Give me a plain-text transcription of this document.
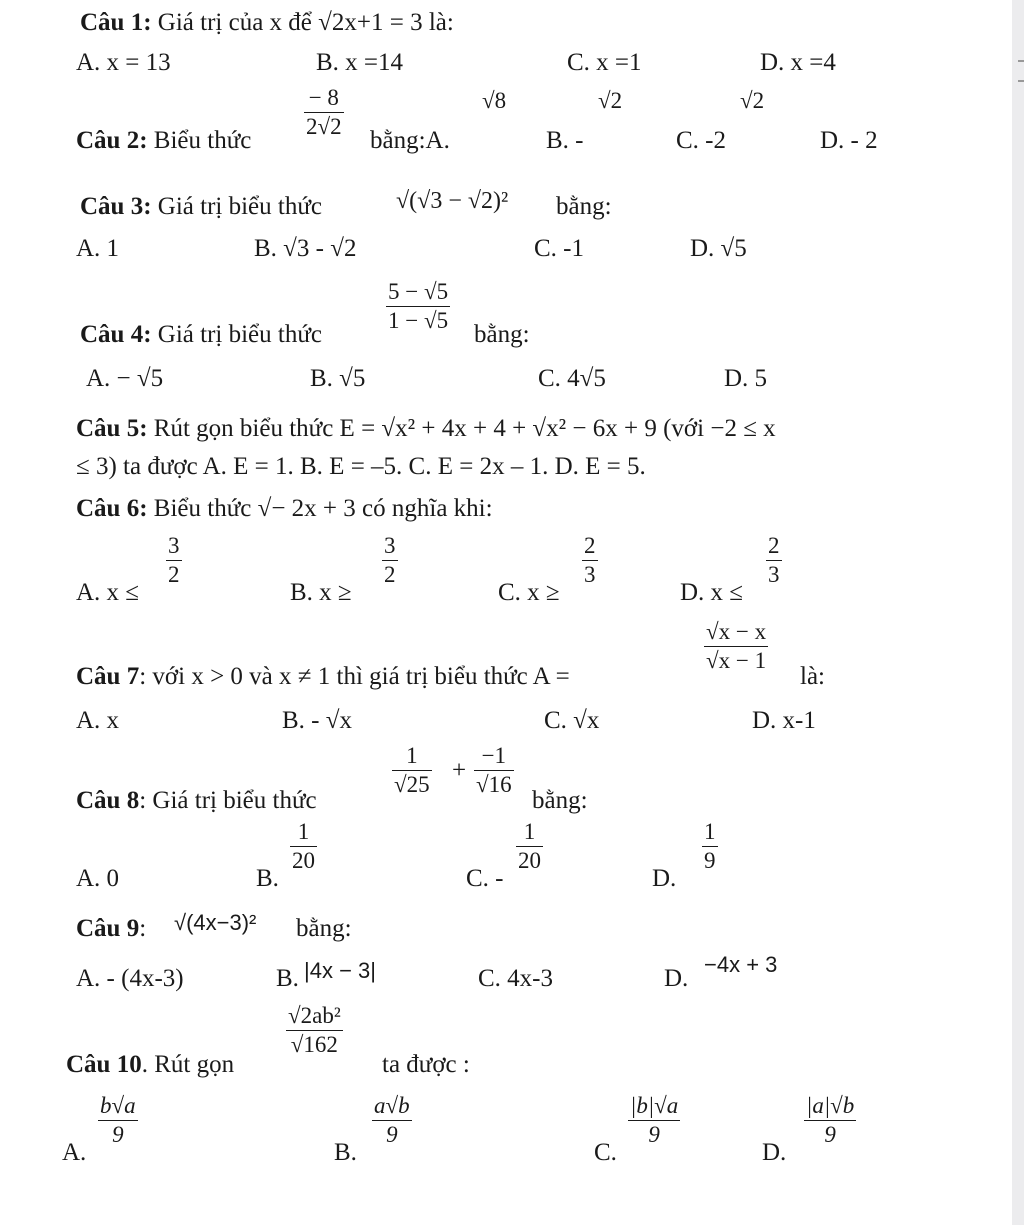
Câu 1: Giá trị của x để √2x+1 = 3 là:
A. x = 13	B. x =14	C. x =1	D. x =4
$\frac{- 8}{2√2}$	√8	√2	√2
Câu 2: Biểu thức	bằng:A.	B. -	C. -2	D. - 2
Câu 3: Giá trị biểu thức	√(√3 − √2)² bằng:
A. 1	B. √3 - √2	C. -1	D. √5
$\frac{5 - √5}{1 - √5}$
Câu 4: Giá trị biểu thức	bằng:
A. − √5	B. √5	C. 4√5	D. 5
Câu 5: Rút gọn biểu thức E = √x² + 4x + 4 + √x² − 6x + 9 (với −2 ≤ x
≤ 3) ta được A. E = 1. B. E = –5. C. E = 2x – 1. D. E = 5.
Câu 6: Biểu thức √− 2x + 3 có nghĩa khi:
A. x ≤
$\frac{3}{2}$
B. x ≥
$\frac{3}{2}$
C. x ≥
$\frac{2}{3}$
D. x ≤
$\frac{2}{3}$
$\frac{√x - x}{√x - 1}$
Câu 7: với x > 0 và x ≠ 1 thì giá trị biểu thức A =	là:
A. x	B. - √x	C. √x	D. x-1
Câu 8: Giá trị biểu thức
$\frac{1}{√25} + \frac{-1}{√16}$
bằng:
A. 0	B.
$\frac{1}{20}$
C. -
$\frac{1}{20}$
D.
$\frac{1}{9}$
Câu 9: √(4x−3)² bằng:
A. - (4x-3)	B. |4x − 3|	C. 4x-3	D.
−4x + 3
$\frac{\text{√2ab²}}{√162}$
Câu 10. Rút gọn	ta được :
A.
$\frac{b√a}{9}$
B.
$\frac{a√b}{9}$
C.
$\frac{|b|√a}{9}$
D.
$\frac{|a|√b}{9}$
